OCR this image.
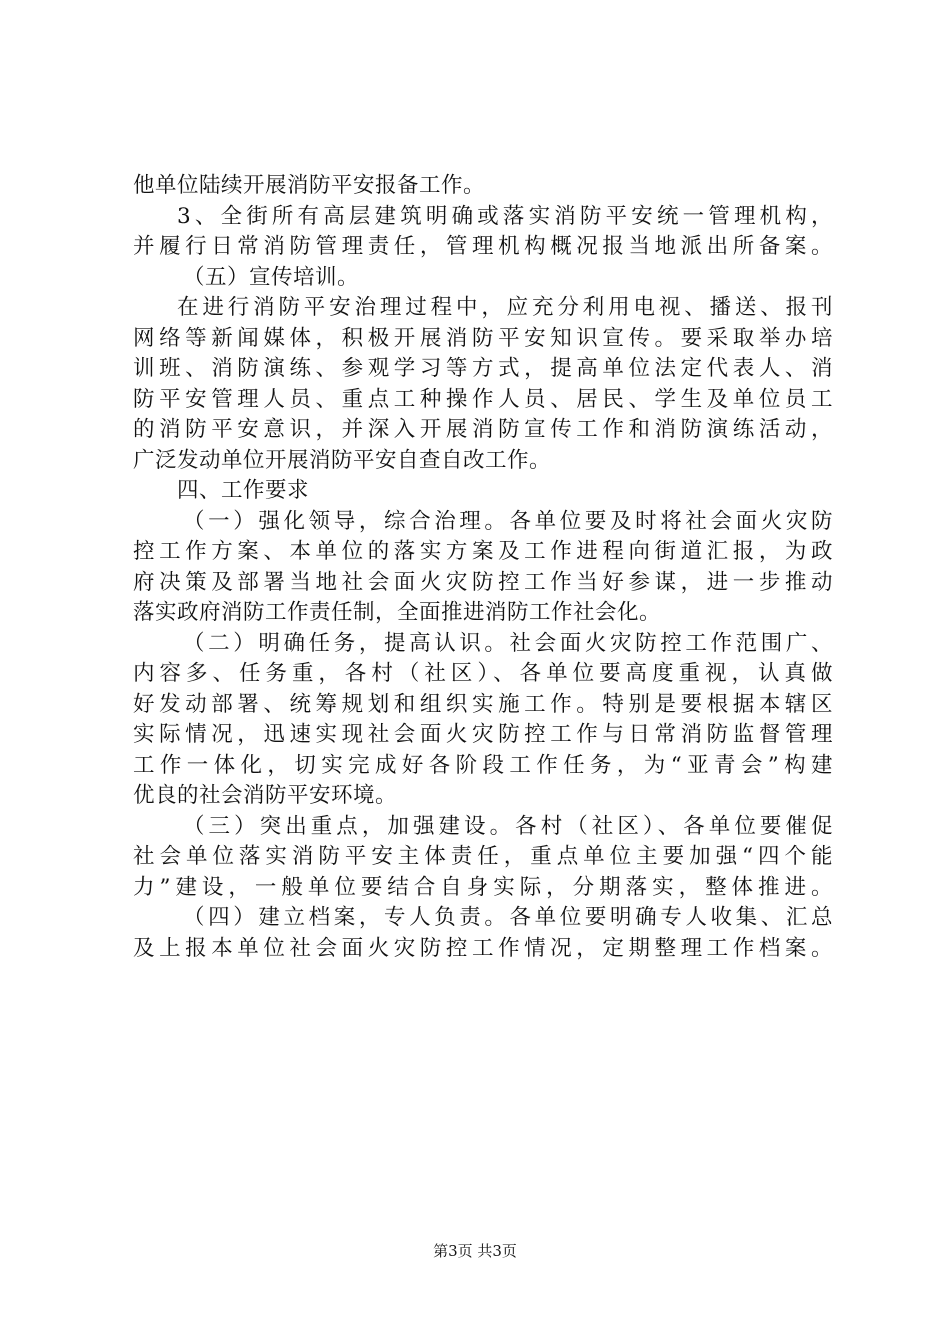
他单位陆续开展消防平安报备工作。
3、全街所有高层建筑明确或落实消防平安统一管理机构，
并履行日常消防管理责任，管理机构概况报当地派出所备案。
（五）宣传培训。
在进行消防平安治理过程中，应充分利用电视、播送、报刊
网络等新闻媒体，积极开展消防平安知识宣传。要采取举办培
训班、消防演练、参观学习等方式，提高单位法定代表人、消
防平安管理人员、重点工种操作人员、居民、学生及单位员工
的消防平安意识，并深入开展消防宣传工作和消防演练活动，
广泛发动单位开展消防平安自查自改工作。
四、工作要求
（一）强化领导，综合治理。各单位要及时将社会面火灾防
控工作方案、本单位的落实方案及工作进程向街道汇报，为政
府决策及部署当地社会面火灾防控工作当好参谋，进一步推动
落实政府消防工作责任制，全面推进消防工作社会化。
（二）明确任务，提高认识。社会面火灾防控工作范围广、
内容多、任务重，各村（社区）、各单位要高度重视，认真做
好发动部署、统筹规划和组织实施工作。特别是要根据本辖区
实际情况，迅速实现社会面火灾防控工作与日常消防监督管理
工作一体化，切实完成好各阶段工作任务，为“亚青会”构建
优良的社会消防平安环境。
（三）突出重点，加强建设。各村（社区）、各单位要催促
社会单位落实消防平安主体责任，重点单位主要加强“四个能
力”建设，一般单位要结合自身实际，分期落实，整体推进。
（四）建立档案，专人负责。各单位要明确专人收集、汇总
及上报本单位社会面火灾防控工作情况，定期整理工作档案。
第3页 共3页
